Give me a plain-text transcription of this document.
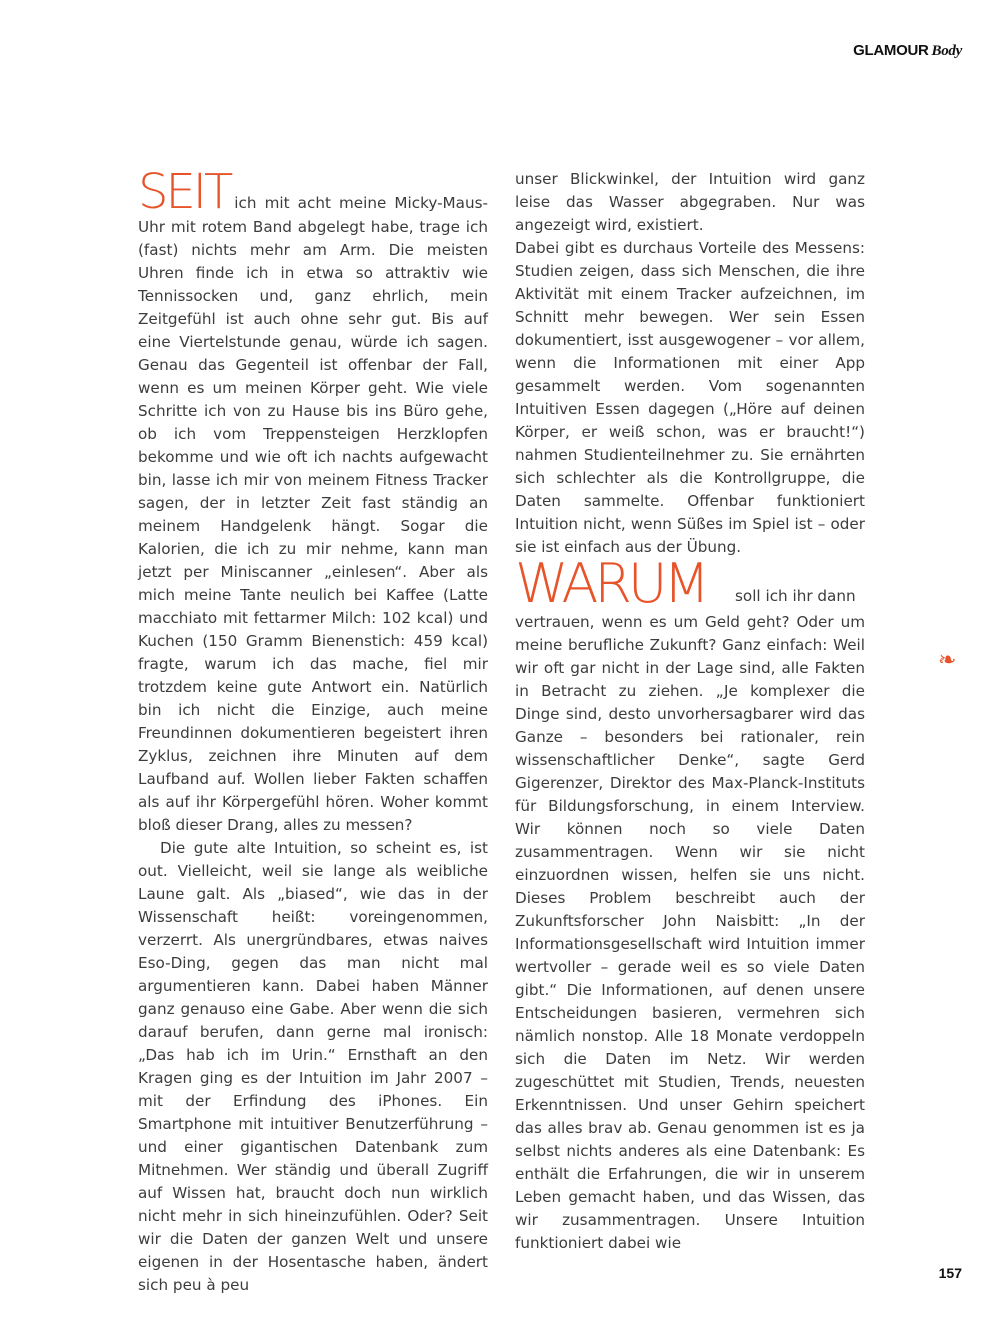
GLAMOUR Body

SEIT ich mit acht meine Micky-Maus-Uhr mit rotem Band abgelegt habe, trage ich (fast) nichts mehr am Arm. Die meisten Uhren finde ich in etwa so attraktiv wie Tennissocken und, ganz ehrlich, mein Zeitgefühl ist auch ohne sehr gut. Bis auf eine Viertelstunde genau, würde ich sagen. Genau das Gegenteil ist offenbar der Fall, wenn es um meinen Körper geht. Wie viele Schritte ich von zu Hause bis ins Büro gehe, ob ich vom Treppensteigen Herzklopfen bekomme und wie oft ich nachts aufgewacht bin, lasse ich mir von meinem Fitness Tracker sagen, der in letzter Zeit fast ständig an meinem Handgelenk hängt. Sogar die Kalorien, die ich zu mir nehme, kann man jetzt per Miniscanner „einlesen“. Aber als mich meine Tante neulich bei Kaffee (Latte macchiato mit fettarmer Milch: 102 kcal) und Kuchen (150 Gramm Bienenstich: 459 kcal) fragte, warum ich das mache, fiel mir trotzdem keine gute Antwort ein. Natürlich bin ich nicht die Einzige, auch meine Freundinnen dokumentieren begeistert ihren Zyklus, zeichnen ihre Minuten auf dem Laufband auf. Wollen lieber Fakten schaffen als auf ihr Körpergefühl hören. Woher kommt bloß dieser Drang, alles zu messen?

Die gute alte Intuition, so scheint es, ist out. Vielleicht, weil sie lange als weibliche Laune galt. Als „biased“, wie das in der Wissenschaft heißt: voreingenommen, verzerrt. Als unergründbares, etwas naives Eso-Ding, gegen das man nicht mal argumentieren kann. Dabei haben Männer ganz genauso eine Gabe. Aber wenn die sich darauf berufen, dann gerne mal ironisch: „Das hab ich im Urin.“ Ernsthaft an den Kragen ging es der Intuition im Jahr 2007 – mit der Erfindung des iPhones. Ein Smartphone mit intuitiver Benutzerführung – und einer gigantischen Datenbank zum Mitnehmen. Wer ständig und überall Zugriff auf Wissen hat, braucht doch nun wirklich nicht mehr in sich hineinzufühlen. Oder? Seit wir die Daten der ganzen Welt und unsere eigenen in der Hosentasche haben, ändert sich peu à peu

unser Blickwinkel, der Intuition wird ganz leise das Wasser abgegraben. Nur was angezeigt wird, existiert.

Dabei gibt es durchaus Vorteile des Messens: Studien zeigen, dass sich Menschen, die ihre Aktivität mit einem Tracker aufzeichnen, im Schnitt mehr bewegen. Wer sein Essen dokumentiert, isst ausgewogener – vor allem, wenn die Informationen mit einer App gesammelt werden. Vom sogenannten Intuitiven Essen dagegen („Höre auf deinen Körper, er weiß schon, was er braucht!“) nahmen Studienteilnehmer zu. Sie ernährten sich schlechter als die Kontrollgruppe, die Daten sammelte. Offenbar funktioniert Intuition nicht, wenn Süßes im Spiel ist – oder sie ist einfach aus der Übung.

WARUM soll ich ihr dann

vertrauen, wenn es um Geld geht? Oder um meine berufliche Zukunft? Ganz einfach: Weil wir oft gar nicht in der Lage sind, alle Fakten in Betracht zu ziehen. „Je komplexer die Dinge sind, desto unvorhersagbarer wird das Ganze – besonders bei rationaler, rein wissenschaftlicher Denke“, sagte Gerd Gigerenzer, Direktor des Max-Planck-Instituts für Bildungsforschung, in einem Interview. Wir können noch so viele Daten zusammentragen. Wenn wir sie nicht einzuordnen wissen, helfen sie uns nicht. Dieses Problem beschreibt auch der Zukunftsforscher John Naisbitt: „In der Informationsgesellschaft wird Intuition immer wertvoller – gerade weil es so viele Daten gibt.“ Die Informationen, auf denen unsere Entscheidungen basieren, vermehren sich nämlich nonstop. Alle 18 Monate verdoppeln sich die Daten im Netz. Wir werden zugeschüttet mit Studien, Trends, neuesten Erkenntnissen. Und unser Gehirn speichert das alles brav ab. Genau genommen ist es ja selbst nichts anderes als eine Datenbank: Es enthält die Erfahrungen, die wir in unserem Leben gemacht haben, und das Wissen, das wir zusammentragen. Unsere Intuition funktioniert dabei wie

❧
157
